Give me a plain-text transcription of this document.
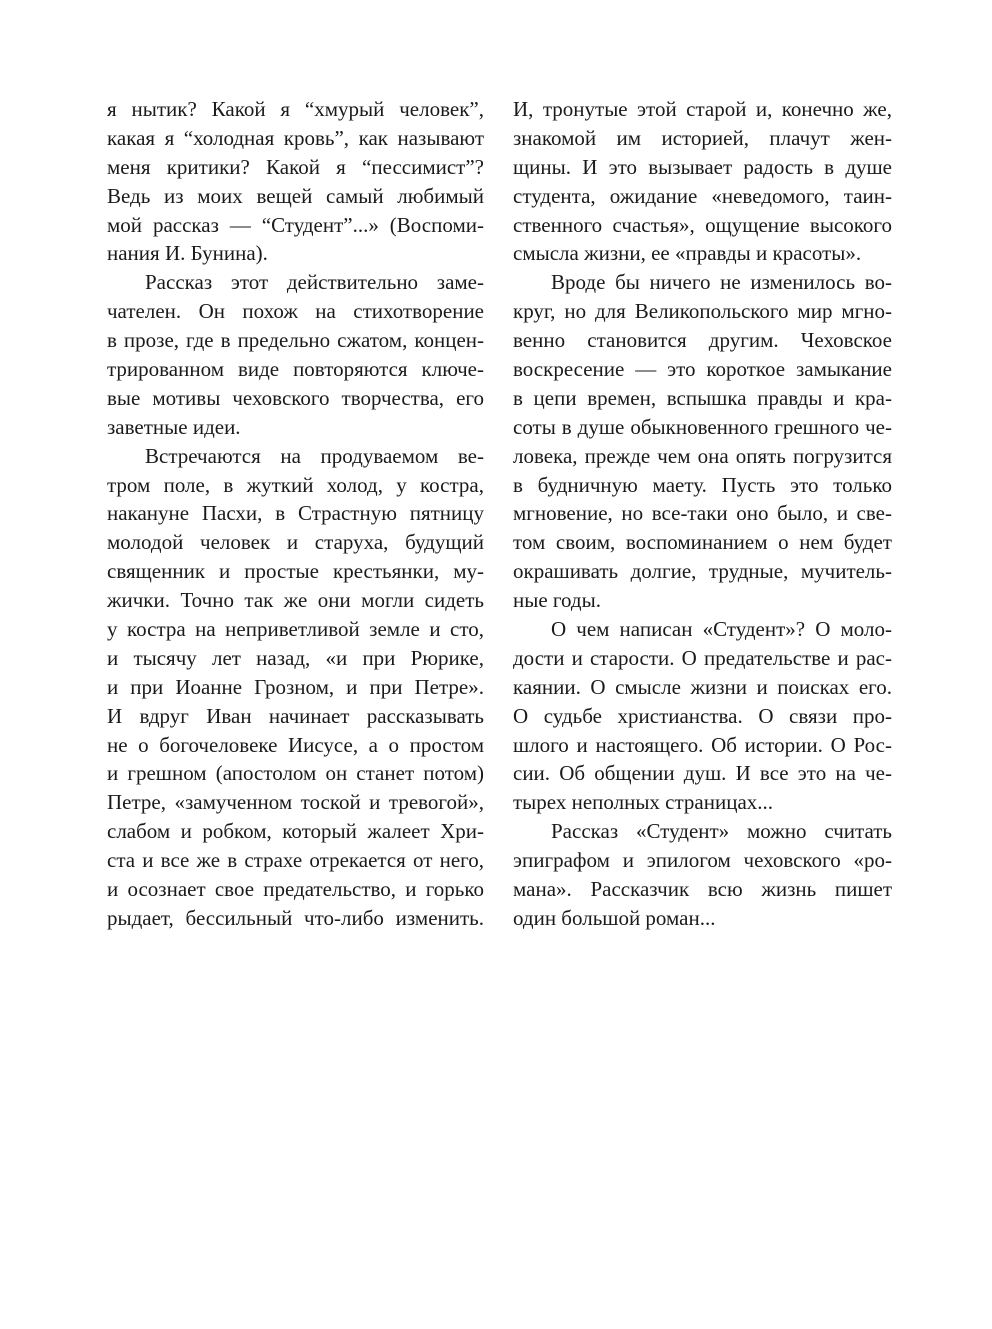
я нытик? Какой я “хмурый человек”,
какая я “холодная кровь”, как называют
меня критики? Какой я “пессимист”?
Ведь из моих вещей самый любимый
мой рассказ — “Студент”...» (Воспоми-
нания И. Бунина).
Рассказ этот действительно заме-
чателен. Он похож на стихотворение
в прозе, где в предельно сжатом, концен-
трированном виде повторяются ключе-
вые мотивы чеховского творчества, его
заветные идеи.
Встречаются на продуваемом ве-
тром поле, в жуткий холод, у костра,
накануне Пасхи, в Страстную пятницу
молодой человек и старуха, будущий
священник и простые крестьянки, му-
жички. Точно так же они могли сидеть
у костра на неприветливой земле и сто,
и тысячу лет назад, «и при Рюрике,
и при Иоанне Грозном, и при Петре».
И вдруг Иван начинает рассказывать
не о богочеловеке Иисусе, а о простом
и грешном (апостолом он станет потом)
Петре, «замученном тоской и тревогой»,
слабом и робком, который жалеет Хри-
ста и все же в страхе отрекается от него,
и осознает свое предательство, и горько
рыдает, бессильный что-либо изменить.
И, тронутые этой старой и, конечно же,
знакомой им историей, плачут жен-
щины. И это вызывает радость в душе
студента, ожидание «неведомого, таин-
ственного счастья», ощущение высокого
смысла жизни, ее «правды и красоты».
Вроде бы ничего не изменилось во-
круг, но для Великопольского мир мгно-
венно становится другим. Чеховское
воскресение — это короткое замыкание
в цепи времен, вспышка правды и кра-
соты в душе обыкновенного грешного че-
ловека, прежде чем она опять погрузится
в будничную маету. Пусть это только
мгновение, но все-таки оно было, и све-
том своим, воспоминанием о нем будет
окрашивать долгие, трудные, мучитель-
ные годы.
О чем написан «Студент»? О моло-
дости и старости. О предательстве и рас-
каянии. О смысле жизни и поисках его.
О судьбе христианства. О связи про-
шлого и настоящего. Об истории. О Рос-
сии. Об общении душ. И все это на че-
тырех неполных страницах...
Рассказ «Студент» можно считать
эпиграфом и эпилогом чеховского «ро-
мана». Рассказчик всю жизнь пишет
один большой роман...
